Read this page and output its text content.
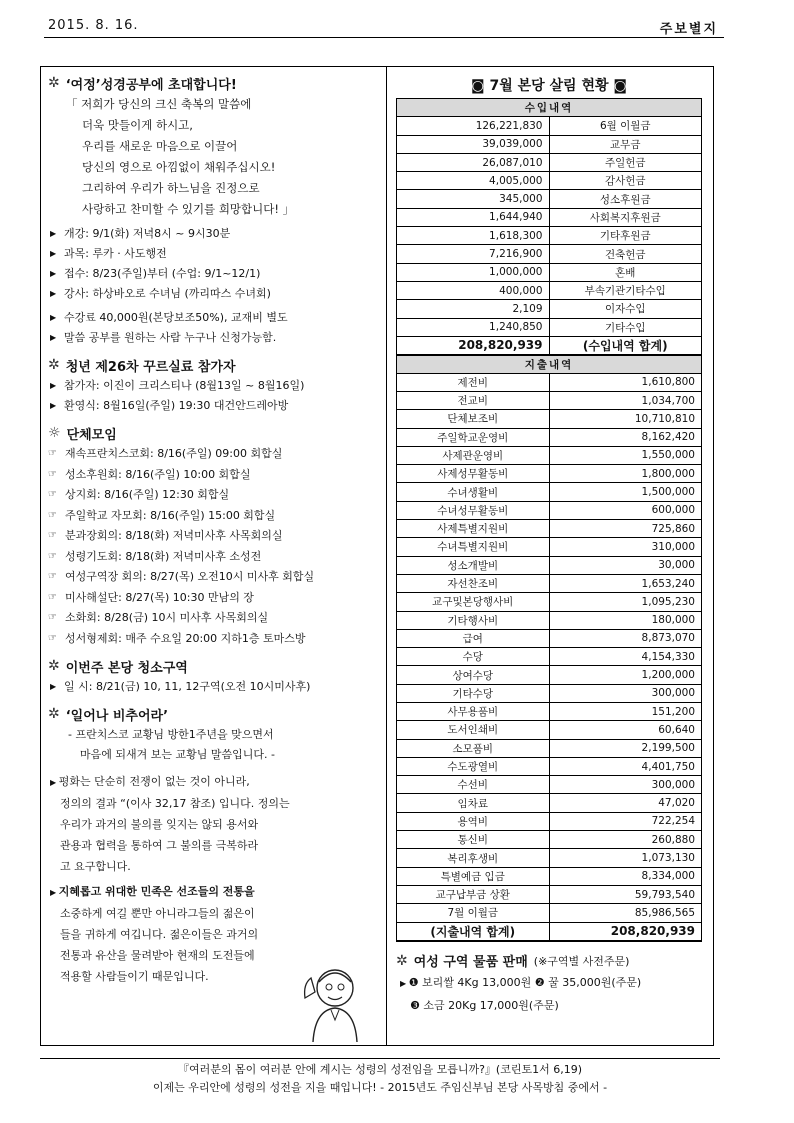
2015. 8. 16.	주보별지
✲ ‘여정’성경공부에 초대합니다!
「 저희가 당신의 크신 축복의 말씀에
더욱 맛들이게 하시고,
우리를 새로운 마음으로 이끌어
당신의 영으로 아낌없이 채워주십시오!
그리하여 우리가 하느님을 진정으로
사랑하고 찬미할 수 있기를 희망합니다! 」
▶ 개강: 9/1(화) 저녁8시 ~ 9시30분
▶ 과목: 루카 · 사도행전
▶ 접수: 8/23(주일)부터 (수업: 9/1~12/1)
▶ 강사: 하상바오로 수녀님 (까리따스 수녀회)
▶ 수강료 40,000원(본당보조50%), 교재비 별도
▶ 말씀 공부를 원하는 사람 누구나 신청가능함.
✲ 청년 제26차 꾸르실료 참가자
▶ 참가자: 이진이 크리스티나 (8월13일 ~ 8월16일)
▶ 환영식: 8월16일(주일) 19:30 대건안드레아방
☼ 단체모임
☞ 재속프란치스코회: 8/16(주일) 09:00 회합실
☞ 성소후원회: 8/16(주일) 10:00 회합실
☞ 상지회: 8/16(주일) 12:30 회합실
☞ 주일학교 자모회: 8/16(주일) 15:00 회합실
☞ 분과장회의: 8/18(화) 저녁미사후 사목회의실
☞ 성령기도회: 8/18(화) 저녁미사후 소성전
☞ 여성구역장 회의: 8/27(목) 오전10시 미사후 회합실
☞ 미사해설단: 8/27(목) 10:30 만남의 장
☞ 소화회: 8/28(금) 10시 미사후 사목회의실
☞ 성서형제회: 매주 수요일 20:00 지하1층 토마스방
✲ 이번주 본당 청소구역
▶ 일 시: 8/21(금) 10, 11, 12구역(오전 10시미사후)
✲ ‘일어나 비추어라’
- 프란치스코 교황님 방한1주년을 맞으면서
마음에 되새겨 보는 교황님 말씀입니다. -
▶ 평화는 단순히 전쟁이 없는 것이 아니라,
정의의 결과 “(이사 32,17 참조) 입니다. 정의는
우리가 과거의 불의를 잊지는 않되 용서와
관용과 협력을 통하여 그 불의를 극복하라
고 요구합니다.
▶ 지혜롭고 위대한 민족은 선조들의 전통을
소중하게 여길 뿐만 아니라그들의 젊은이
들을 귀하게 여깁니다. 젊은이들은 과거의
전통과 유산을 물려받아 현재의 도전들에
적용할 사람들이기 때문입니다.
◙ 7월 본당 살림 현황 ◙
수입내역	
126,221,830	6월 이월금
39,039,000	교무금
26,087,010	주일헌금
4,005,000	감사헌금
345,000	성소후원금
1,644,940	사회복지후원금
1,618,300	기타후원금
7,216,900	건축헌금
1,000,000	혼배
400,000	부속기관기타수입
2,109	이자수입
1,240,850	기타수입
208,820,939	(수입내역 합계)
지출내역	
제전비	1,610,800
전교비	1,034,700
단체보조비	10,710,810
주일학교운영비	8,162,420
사제관운영비	1,550,000
사제성무활동비	1,800,000
수녀생활비	1,500,000
수녀성무활동비	600,000
사제특별지원비	725,860
수녀특별지원비	310,000
성소개발비	30,000
자선찬조비	1,653,240
교구및본당행사비	1,095,230
기타행사비	180,000
급여	8,873,070
수당	4,154,330
상여수당	1,200,000
기타수당	300,000
사무용품비	151,200
도서인쇄비	60,640
소모품비	2,199,500
수도광열비	4,401,750
수선비	300,000
임차료	47,020
용역비	722,254
통신비	260,880
복리후생비	1,073,130
특별예금 입금	8,334,000
교구납부금 상환	59,793,540
7월 이월금	85,986,565
(지출내역 합계)	208,820,939
✲ 여성 구역 물품 판매 (※구역별 사전주문)
▶ ❶ 보리쌀 4Kg 13,000원 ❷ 꿀 35,000원(주문)
❸ 소금 20Kg 17,000원(주문)
『여러분의 몸이 여러분 안에 계시는 성령의 성전임을 모릅니까?』(코린토1서 6,19)
이제는 우리안에 성령의 성전을 지을 때입니다! - 2015년도 주임신부님 본당 사목방침 중에서 -
